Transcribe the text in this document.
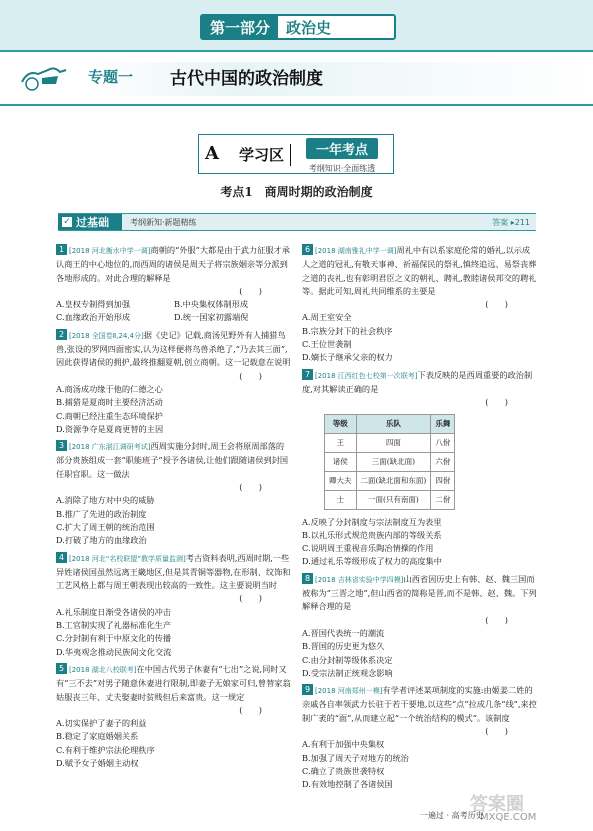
第一部分	政治史
专题一 古代中国的政治制度
A	学习区	一年考点
考纲知识·全面练透
考点1　商周时期的政治制度
✓ 过基础	考纲新知·新题精练	答案 ▸211
1 [2018 河北衡水中学一调]商朝的“外服”大都是由于武力征服才承认商王的中心地位的,而西周的诸侯是周天子将宗族姻亲等分派到各地形成的。对此合理的解释是
(　　)
A.皇权专制得到加强	B.中央集权体制形成
C.血缘政治开始形成	D.统一国家初露端倪
2 [2018 全国卷Ⅱ,24,4分]据《史记》记载,商汤见野外有人捕猎鸟兽,张设的罗网四面密实,认为这样便将鸟兽杀绝了,“乃去其三面”,因此获得诸侯的拥护,最终推翻夏朝,创立商朝。这一记载意在说明
(　　)
A.商汤成功缘于他的仁德之心
B.捕猎是夏商时主要经济活动
C.商朝已经注重生态环境保护
D.资源争夺是夏商更替的主因
3 [2018 广东湛江调研考试]西周实施分封时,周王会将原周部落的部分贵族组成一套“职能班子”授予各诸侯,让他们跟随诸侯到封国任职官职。这一做法
(　　)
A.消除了地方对中央的威胁
B.推广了先进的政治制度
C.扩大了周王朝的统治范围
D.打破了地方的血缘政治
4 [2018 河北“名校联盟”教学质量监测]考古资料表明,西周时期,一些异姓诸侯国虽然远离王畿地区,但是其青铜等器物,在形制、纹饰和工艺风格上都与周王朝表现出较高的一致性。这主要说明当时
(　　)
A.礼乐制度日渐受各诸侯的冲击
B.工官制实现了礼器标准化生产
C.分封制有利于中原文化的传播
D.华夷观念推动民族间文化交流
5 [2018 湖北八校联考]在中国古代男子休妻有“七出”之说,同时又有“三不去”对男子随意休妻进行限制,即妻子无娘家可归,曾替家翁姑服丧三年、丈夫娶妻时贫贱但后来富贵。这一规定
(　　)
A.切实保护了妻子的利益
B.稳定了家庭婚姻关系
C.有利于维护宗法伦理秩序
D.赋予女子婚姻主动权
6 [2018 湖南雅礼中学一调]周礼中有以系家庭伦常的婚礼,以示成人之道的冠礼,有敬天事神、祈福保民的祭礼,慎终追远、易祭丧葬之道的丧礼,也有彰明君臣之义的朝礼、聘礼,教睦诸侯邦交的聘礼等。据此可知,周礼共同维系的主要是
(　　)
A.周王室安全
B.宗族分封下的社会秩序
C.王位世袭制
D.嫡长子继承父亲的权力
7 [2018 江西红色七校第一次联考]下表反映的是西周重要的政治制度,对其解读正确的是
(　　)
等级	乐队	乐舞
王	四面	八佾
诸侯	三面(缺北面)	六佾
卿大夫	二面(缺北面和东面)	四佾
士	一面(只有南面)	二佾
A.反映了分封制度与宗法制度互为表里
B.以礼乐形式规范贵族内部的等级关系
C.说明周王重视音乐陶冶情操的作用
D.通过礼乐等级形成了权力的高度集中
8 [2018 吉林省实验中学四模]山西省因历史上有韩、赵、魏三国而被称为“三晋之地”,但山西省的简称是晋,而不是韩、赵、魏。下列解释合理的是
(　　)
A.晋国代表统一的潮流
B.晋国的历史更为悠久
C.由分封制等级体系决定
D.受宗法制正统观念影响
9 [2018 河南郑州一模]有学者评述某项制度的实施:由姬姜二姓的亲戚各自率领武力长驻于若干要地,以这些“点”拉成几条“线”,来控制广袤的“面”,从而建立起“一个统治结构的模式”。该制度
(　　)
A.有利于加强中央集权
B.加强了周天子对地方的统治
C.确立了贵族世袭特权
D.有效地控制了各诸侯国
答案圈
MXQE.COM
一遍过 · 高考历史
